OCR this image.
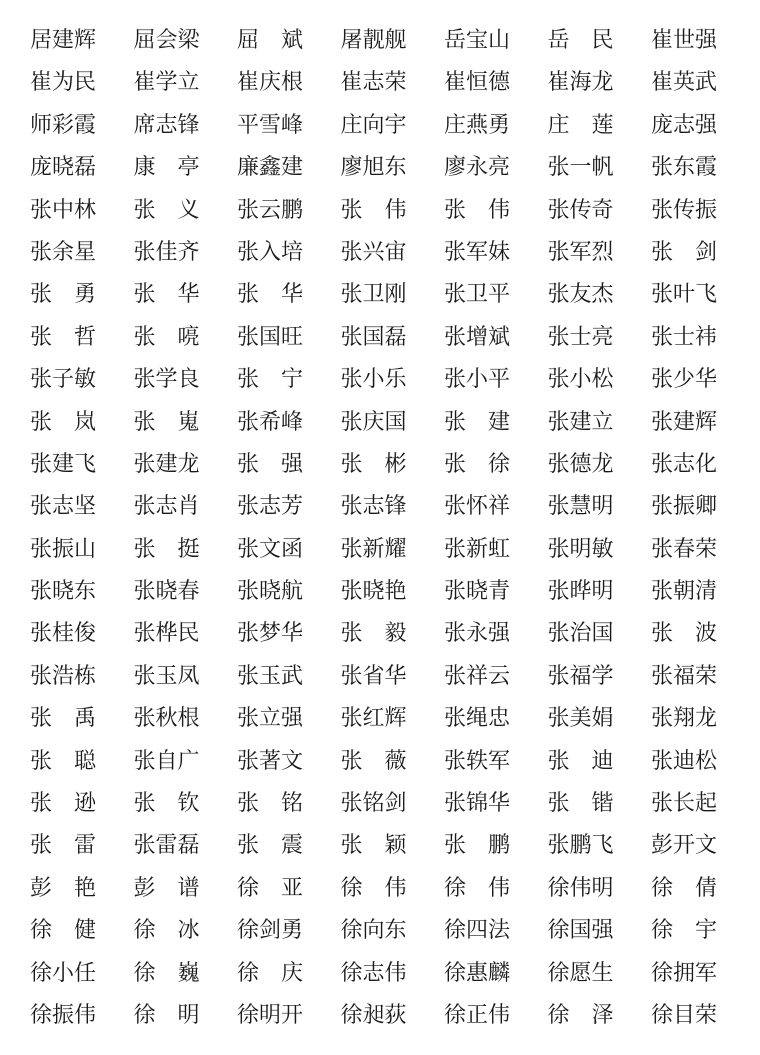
居建辉	屈会梁	屈　斌	屠靓舰	岳宝山	岳　民	崔世强
崔为民	崔学立	崔庆根	崔志荣	崔恒德	崔海龙	崔英武
师彩霞	席志锋	平雪峰	庄向宇	庄燕勇	庄　莲	庞志强
庞晓磊	康　亭	廉鑫建	廖旭东	廖永亮	张一帆	张东霞
张中林	张　义	张云鹏	张　伟	张　伟	张传奇	张传振
张余星	张佳齐	张入培	张兴宙	张军妹	张军烈	张　剑
张　勇	张　华	张　华	张卫刚	张卫平	张友杰	张叶飞
张　哲	张　喨	张国旺	张国磊	张增斌	张士亮	张士祎
张子敏	张学良	张　宁	张小乐	张小平	张小松	张少华
张　岚	张　嵬	张希峰	张庆国	张　建	张建立	张建辉
张建飞	张建龙	张　强	张　彬	张　徐	张德龙	张志化
张志坚	张志肖	张志芳	张志锋	张怀祥	张慧明	张振卿
张振山	张　挺	张文函	张新耀	张新虹	张明敏	张春荣
张晓东	张晓春	张晓航	张晓艳	张晓青	张晔明	张朝清
张桂俊	张桦民	张梦华	张　毅	张永强	张治国	张　波
张浩栋	张玉凤	张玉武	张省华	张祥云	张福学	张福荣
张　禹	张秋根	张立强	张红辉	张绳忠	张美娟	张翔龙
张　聪	张自广	张著文	张　薇	张轶军	张　迪	张迪松
张　逊	张　钦	张　铭	张铭剑	张锦华	张　锴	张长起
张　雷	张雷磊	张　震	张　颖	张　鹏	张鹏飞	彭开文
彭　艳	彭　谱	徐　亚	徐　伟	徐　伟	徐伟明	徐　倩
徐　健	徐　冰	徐剑勇	徐向东	徐四法	徐国强	徐　宇
徐小任	徐　巍	徐　庆	徐志伟	徐惠麟	徐愿生	徐拥军
徐振伟	徐　明	徐明开	徐昶荻	徐正伟	徐　泽	徐目荣
